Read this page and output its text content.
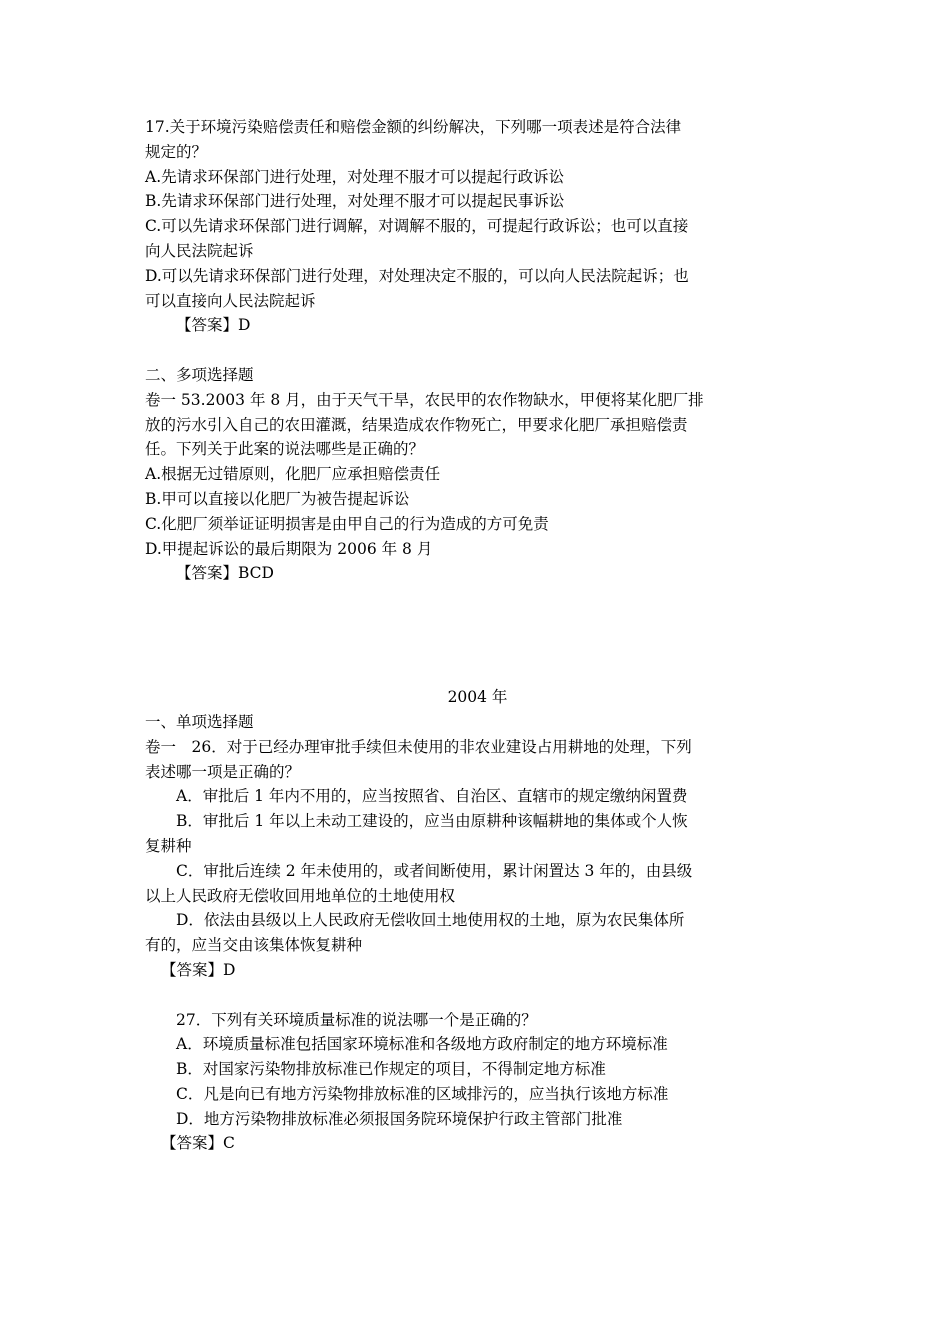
17.关于环境污染赔偿责任和赔偿金额的纠纷解决，下列哪一项表述是符合法律
规定的？
A.先请求环保部门进行处理，对处理不服才可以提起行政诉讼
B.先请求环保部门进行处理，对处理不服才可以提起民事诉讼
C.可以先请求环保部门进行调解，对调解不服的，可提起行政诉讼；也可以直接
向人民法院起诉
D.可以先请求环保部门进行处理，对处理决定不服的，可以向人民法院起诉；也
可以直接向人民法院起诉
【答案】D
二、多项选择题
卷一 53.2003 年 8 月，由于天气干旱，农民甲的农作物缺水，甲便将某化肥厂排
放的污水引入自己的农田灌溉，结果造成农作物死亡，甲要求化肥厂承担赔偿责
任。下列关于此案的说法哪些是正确的？
A.根据无过错原则，化肥厂应承担赔偿责任
B.甲可以直接以化肥厂为被告提起诉讼
C.化肥厂须举证证明损害是由甲自己的行为造成的方可免责
D.甲提起诉讼的最后期限为 2006 年 8 月
【答案】BCD
2004 年
一、单项选择题
卷一　26．对于已经办理审批手续但未使用的非农业建设占用耕地的处理，下列
表述哪一项是正确的？
A．审批后 1 年内不用的，应当按照省、自治区、直辖市的规定缴纳闲置费
B．审批后 1 年以上未动工建设的，应当由原耕种该幅耕地的集体或个人恢
复耕种
C．审批后连续 2 年未使用的，或者间断使用，累计闲置达 3 年的，由县级
以上人民政府无偿收回用地单位的土地使用权
D．依法由县级以上人民政府无偿收回土地使用权的土地，原为农民集体所
有的，应当交由该集体恢复耕种
【答案】D
27．下列有关环境质量标准的说法哪一个是正确的？
A．环境质量标准包括国家环境标准和各级地方政府制定的地方环境标准
B．对国家污染物排放标准已作规定的项目，不得制定地方标准
C．凡是向已有地方污染物排放标准的区域排污的，应当执行该地方标准
D．地方污染物排放标准必须报国务院环境保护行政主管部门批准
【答案】C
